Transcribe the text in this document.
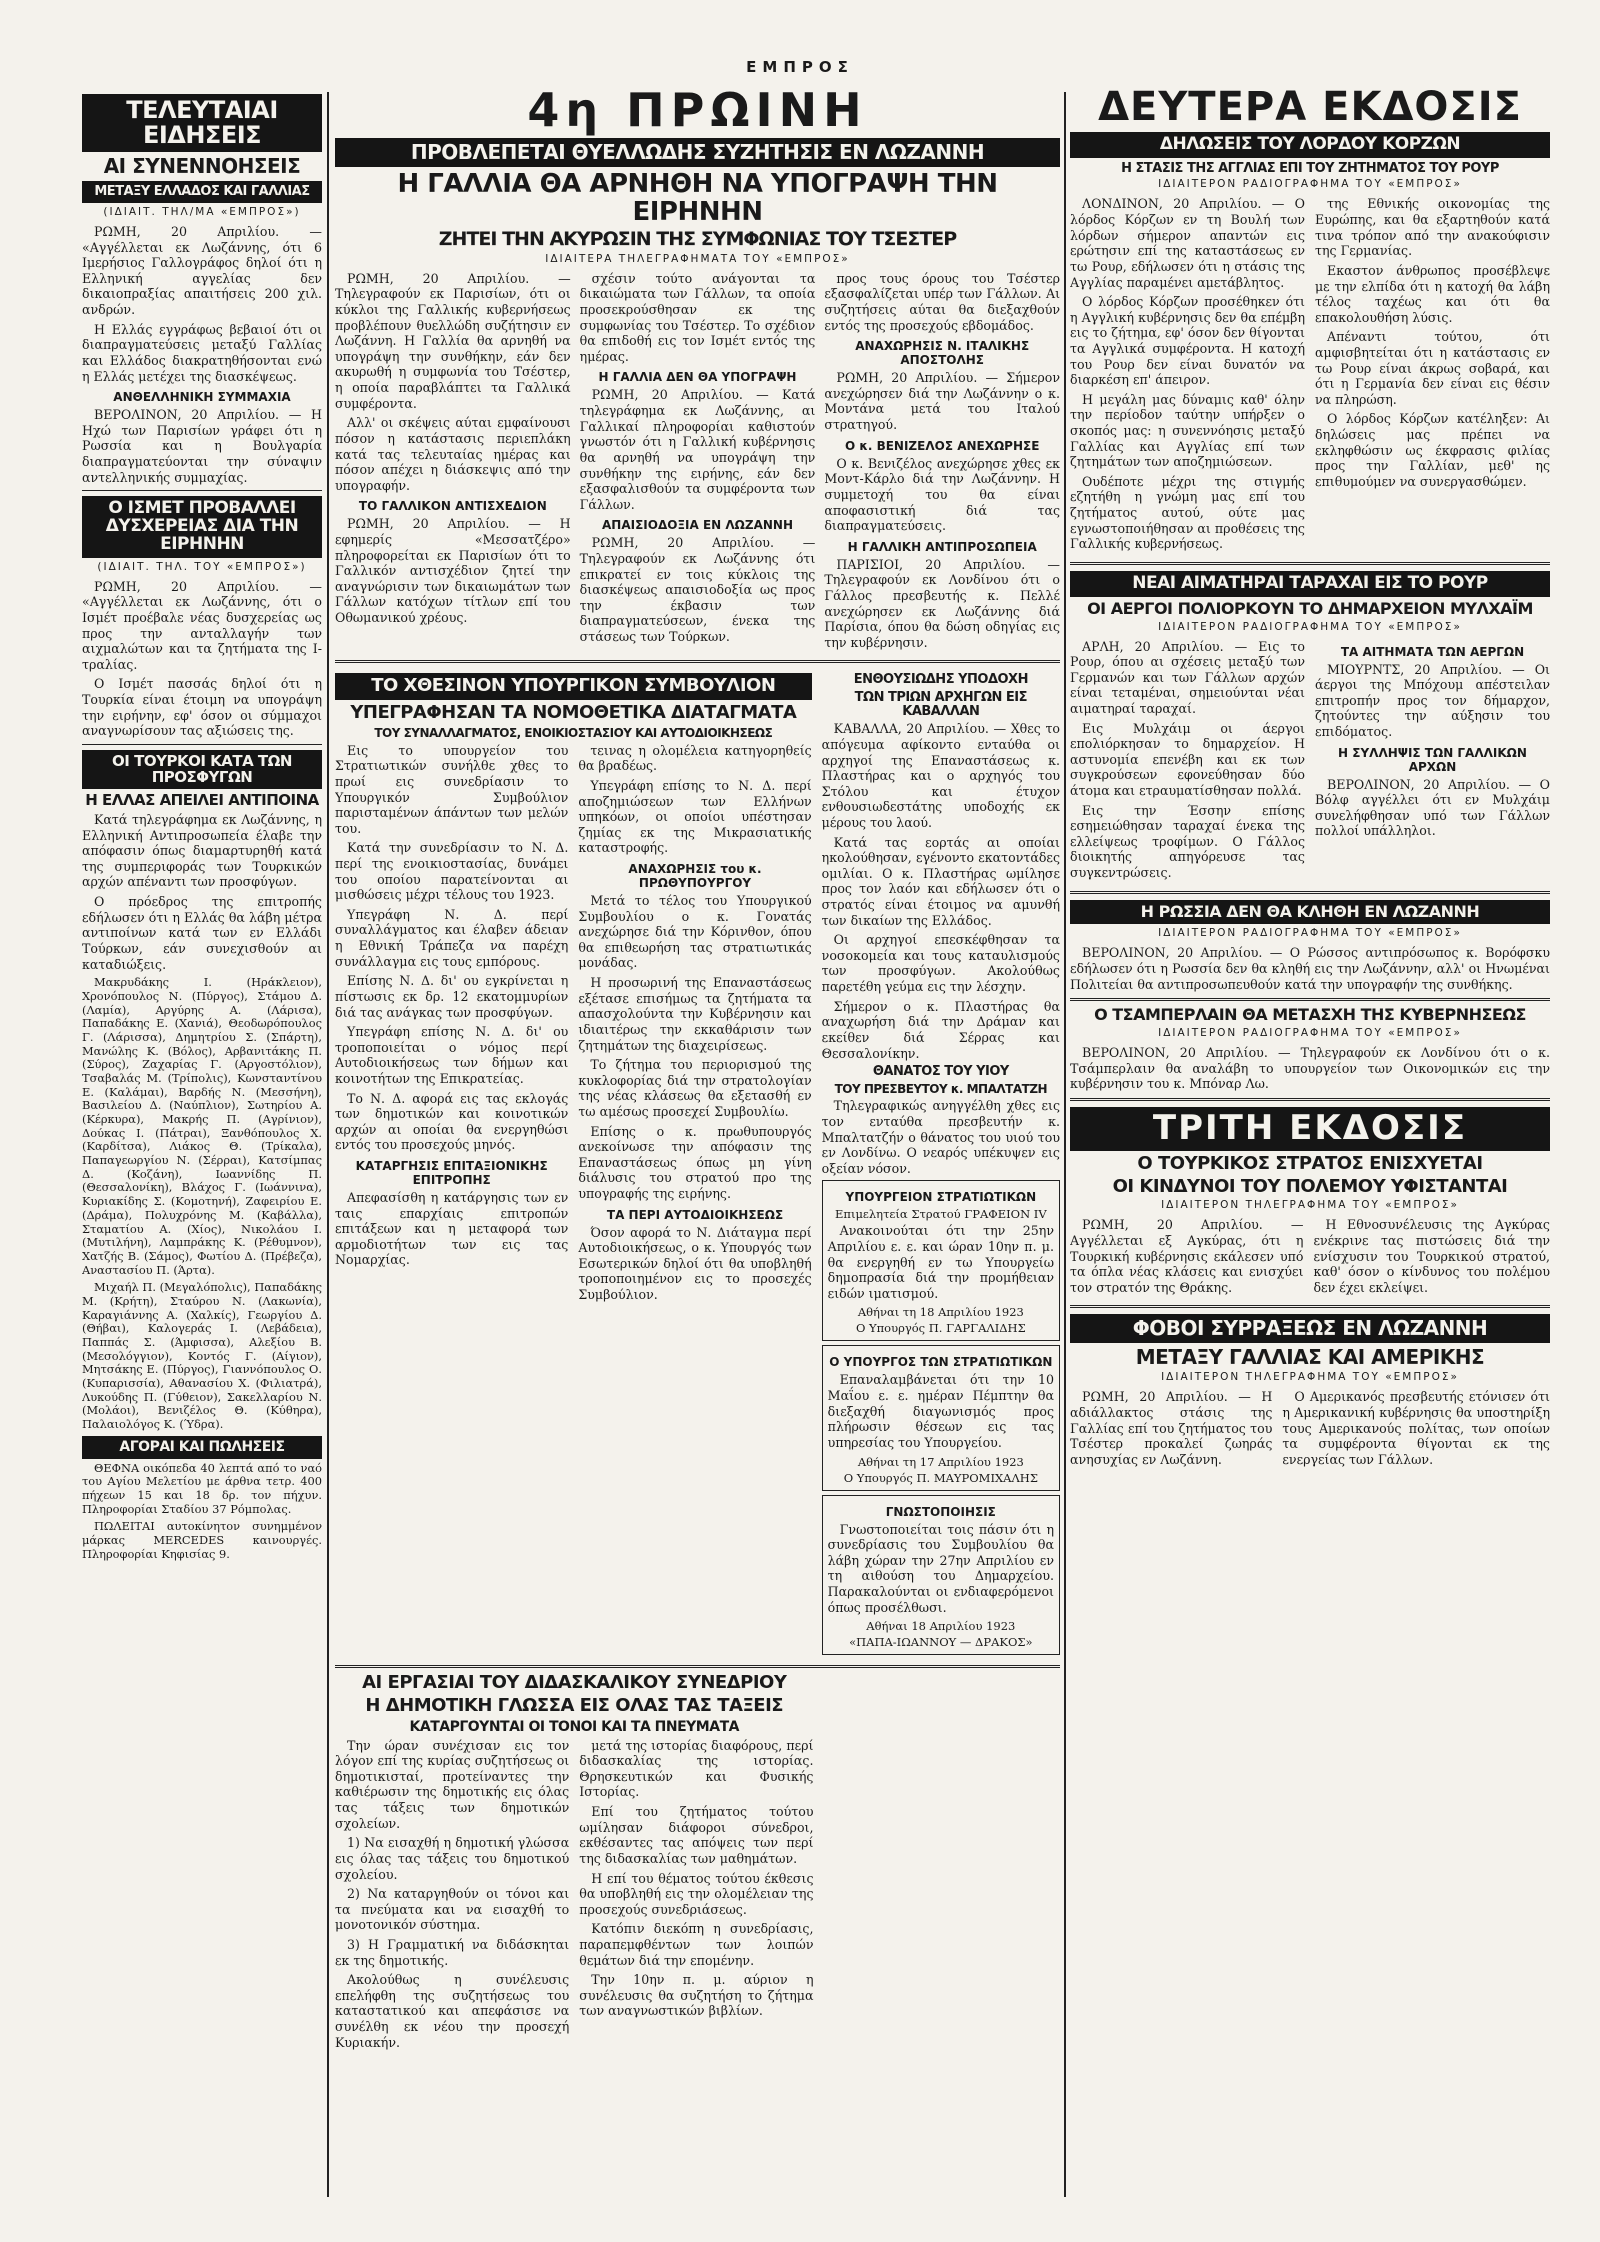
ΕΜΠΡΟΣ
ΤΕΛΕΥΤΑΙΑΙ ΕΙΔΗΣΕΙΣ
ΑΙ ΣΥΝΕΝΝΟΗΣΕΙΣ
ΜΕΤΑΞΥ ΕΛΛΑΔΟΣ ΚΑΙ ΓΑΛΛΙΑΣ
(ΙΔΙΑΙΤ. ΤΗΛ/ΜΑ «ΕΜΠΡΟΣ»)

ΡΩΜΗ, 20 Απριλίου. — «Αγγέλλεται εκ Λωζάννης, ότι 6 Ιμερήσιος Γαλλογράφος δηλοί ότι η Ελληνική αγγελίας δεν δικαιοπραξίας απαιτήσεις 200 χιλ. ανδρών.

Η Ελλάς εγγράφως βεβαιοί ότι οι διαπραγματεύσεις μεταξύ Γαλλίας και Ελλάδος διακρατηθήσονται ενώ η Ελλάς μετέχει της διασκέψεως.

ΑΝΘΕΛΛΗΝΙΚΗ ΣΥΜΜΑΧΙΑ

ΒΕΡΟΛΙΝΟΝ, 20 Απριλίου. — Η Ηχώ των Παρισίων γράφει ότι η Ρωσσία και η Βουλγαρία διαπραγματεύονται την σύναψιν αντελληνικής συμμαχίας.

Ο ΙΣΜΕΤ ΠΡΟΒΑΛΛΕΙ ΔΥΣΧΕΡΕΙΑΣ ΔΙΑ ΤΗΝ ΕΙΡΗΝΗΝ
(ΙΔΙΑΙΤ. ΤΗΛ. ΤΟΥ «ΕΜΠΡΟΣ»)

ΡΩΜΗ, 20 Απριλίου. — «Αγγέλλεται εκ Λωζάννης, ότι ο Ισμέτ προέβαλε νέας δυσχερείας ως προς την ανταλλαγήν των αιχμαλώτων και τα ζητήματα της Ι-τραλίας.

Ο Ισμέτ πασσάς δηλοί ότι η Τουρκία είναι έτοιμη να υπογράψη την ειρήνην, εφ' όσον οι σύμμαχοι αναγνωρίσουν τας αξιώσεις της.

ΟΙ ΤΟΥΡΚΟΙ ΚΑΤΑ ΤΩΝ ΠΡΟΣΦΥΓΩΝ
Η ΕΛΛΑΣ ΑΠΕΙΛΕΙ ΑΝΤΙΠΟΙΝΑ

Κατά τηλεγράφημα εκ Λωζάννης, η Ελληνική Αντιπροσωπεία έλαβε την απόφασιν όπως διαμαρτυρηθή κατά της συμπεριφοράς των Τουρκικών αρχών απέναντι των προσφύγων.

Ο πρόεδρος της επιτροπής εδήλωσεν ότι η Ελλάς θα λάβη μέτρα αντιποίνων κατά των εν Ελλάδι Τούρκων, εάν συνεχισθούν αι καταδιώξεις.

Μακρυδάκης Ι. (Ηράκλειον), Χρονόπουλος Ν. (Πύργος), Στάμου Δ. (Λαμία), Αργύρης Α. (Λάρισα), Παπαδάκης Ε. (Χανιά), Θεοδωρόπουλος Γ. (Λάρισσα), Δημητρίου Σ. (Σπάρτη), Μανώλης Κ. (Βόλος), Αρβανιτάκης Π. (Σύρος), Ζαχαρίας Γ. (Αργοστόλιον), Τσαβαλάς Μ. (Τρίπολις), Κωνσταντίνου Ε. (Καλάμαι), Βαρδής Ν. (Μεσσήνη), Βασιλείου Δ. (Ναύπλιον), Σωτηρίου Α. (Κέρκυρα), Μακρής Π. (Αγρίνιον), Δούκας Ι. (Πάτραι), Ξανθόπουλος Χ. (Καρδίτσα), Λιάκος Θ. (Τρίκαλα), Παπαγεωργίου Ν. (Σέρραι), Κατσίμπας Δ. (Κοζάνη), Ιωαννίδης Π. (Θεσσαλονίκη), Βλάχος Γ. (Ιωάννινα), Κυριακίδης Σ. (Κομοτηνή), Ζαφειρίου Ε. (Δράμα), Πολυχρόνης Μ. (Καβάλλα), Σταματίου Α. (Χίος), Νικολάου Ι. (Μυτιλήνη), Λαμπράκης Κ. (Ρέθυμνον), Χατζής Β. (Σάμος), Φωτίου Δ. (Πρέβεζα), Αναστασίου Π. (Άρτα).

Μιχαήλ Π. (Μεγαλόπολις), Παπαδάκης Μ. (Κρήτη), Σταύρου Ν. (Λακωνία), Καραγιάννης Α. (Χαλκίς), Γεωργίου Δ. (Θήβαι), Καλογεράς Ι. (Λεβάδεια), Παππάς Σ. (Άμφισσα), Αλεξίου Β. (Μεσολόγγιον), Κοντός Γ. (Αίγιον), Μητσάκης Ε. (Πύργος), Γιαννόπουλος Ο. (Κυπαρισσία), Αθανασίου Χ. (Φιλιατρά), Λυκούδης Π. (Γύθειον), Σακελλαρίου Ν. (Μολάοι), Βενιζέλος Θ. (Κύθηρα), Παλαιολόγος Κ. (Ύδρα).

ΑΓΟΡΑΙ ΚΑΙ ΠΩΛΗΣΕΙΣ

ΘΕΦΝΑ οικόπεδα 40 λεπτά από το ναό του Αγίου Μελετίου με άρθνα τετρ. 400 πήχεων 15 και 18 δρ. τον πήχυν. Πληροφορίαι Σταδίου 37 Ρόμπολας.

ΠΩΛΕΙΤΑΙ αυτοκίνητον συνημμένον μάρκας MERCEDES καινουργές. Πληροφορίαι Κηφισίας 9.

4η ΠΡΩΙΝΗ
ΠΡΟΒΛΕΠΕΤΑΙ ΘΥΕΛΛΩΔΗΣ ΣΥΖΗΤΗΣΙΣ ΕΝ ΛΩΖΑΝΝΗ
Η ΓΑΛΛΙΑ ΘΑ ΑΡΝΗΘΗ ΝΑ ΥΠΟΓΡΑΨΗ ΤΗΝ ΕΙΡΗΝΗΝ
ΖΗΤΕΙ ΤΗΝ ΑΚΥΡΩΣΙΝ ΤΗΣ ΣΥΜΦΩΝΙΑΣ ΤΟΥ ΤΣΕΣΤΕΡ
ΙΔΙΑΙΤΕΡΑ ΤΗΛΕΓΡΑΦΗΜΑΤΑ ΤΟΥ «ΕΜΠΡΟΣ»

ΡΩΜΗ, 20 Απριλίου. — Τηλεγραφούν εκ Παρισίων, ότι οι κύκλοι της Γαλλικής κυβερνήσεως προβλέπουν θυελλώδη συζήτησιν εν Λωζάννη. Η Γαλλία θα αρνηθή να υπογράψη την συνθήκην, εάν δεν ακυρωθή η συμφωνία του Τσέστερ, η οποία παραβλάπτει τα Γαλλικά συμφέροντα.

Αλλ' οι σκέψεις αύται εμφαίνουσι πόσον η κατάστασις περιεπλάκη κατά τας τελευταίας ημέρας και πόσον απέχει η διάσκεψις από την υπογραφήν.

ΤΟ ΓΑΛΛΙΚΟΝ ΑΝΤΙΣΧΕΔΙΟΝ

ΡΩΜΗ, 20 Απριλίου. — Η εφημερίς «Μεσσατζέρο» πληροφορείται εκ Παρισίων ότι το Γαλλικόν αντισχέδιον ζητεί την αναγνώρισιν των δικαιωμάτων των Γάλλων κατόχων τίτλων επί του Οθωμανικού χρέους.

σχέσιν τούτο ανάγονται τα δικαιώματα των Γάλλων, τα οποία προσεκρούσθησαν εκ της συμφωνίας του Τσέστερ. Το σχέδιον θα επιδοθή εις τον Ισμέτ εντός της ημέρας.

Η ΓΑΛΛΙΑ ΔΕΝ ΘΑ ΥΠΟΓΡΑΨΗ

ΡΩΜΗ, 20 Απριλίου. — Κατά τηλεγράφημα εκ Λωζάννης, αι Γαλλικαί πληροφορίαι καθιστούν γνωστόν ότι η Γαλλική κυβέρνησις θα αρνηθή να υπογράψη την συνθήκην της ειρήνης, εάν δεν εξασφαλισθούν τα συμφέροντα των Γάλλων.

ΑΠΑΙΣΙΟΔΟΞΙΑ ΕΝ ΛΩΖΑΝΝΗ

ΡΩΜΗ, 20 Απριλίου. — Τηλεγραφούν εκ Λωζάννης ότι επικρατεί εν τοις κύκλοις της διασκέψεως απαισιοδοξία ως προς την έκβασιν των διαπραγματεύσεων, ένεκα της στάσεως των Τούρκων.

προς τους όρους του Τσέστερ εξασφαλίζεται υπέρ των Γάλλων. Αι συζητήσεις αύται θα διεξαχθούν εντός της προσεχούς εβδομάδος.

ΑΝΑΧΩΡΗΣΙΣ Ν. ΙΤΑΛΙΚΗΣ ΑΠΟΣΤΟΛΗΣ

ΡΩΜΗ, 20 Απριλίου. — Σήμερον ανεχώρησεν διά την Λωζάννην ο κ. Μοντάνα μετά του Ιταλού στρατηγού.

Ο κ. ΒΕΝΙΖΕΛΟΣ ΑΝΕΧΩΡΗΣΕ

Ο κ. Βενιζέλος ανεχώρησε χθες εκ Μοντ-Κάρλο διά την Λωζάννην. Η συμμετοχή του θα είναι αποφασιστική διά τας διαπραγματεύσεις.

Η ΓΑΛΛΙΚΗ ΑΝΤΙΠΡΟΣΩΠΕΙΑ

ΠΑΡΙΣΙΟΙ, 20 Απριλίου. — Τηλεγραφούν εκ Λονδίνου ότι ο Γάλλος πρεσβευτής κ. Πελλέ ανεχώρησεν εκ Λωζάννης διά Παρίσια, όπου θα δώση οδηγίας εις την κυβέρνησιν.

ΤΟ ΧΘΕΣΙΝΟΝ ΥΠΟΥΡΓΙΚΟΝ ΣΥΜΒΟΥΛΙΟΝ
ΥΠΕΓΡΑΦΗΣΑΝ ΤΑ ΝΟΜΟΘΕΤΙΚΑ ΔΙΑΤΑΓΜΑΤΑ
ΤΟΥ ΣΥΝΑΛΛΑΓΜΑΤΟΣ, ΕΝΟΙΚΙΟΣΤΑΣΙΟΥ ΚΑΙ ΑΥΤΟΔΙΟΙΚΗΣΕΩΣ

Εις το υπουργείον του Στρατιωτικών συνήλθε χθες το πρωί εις συνεδρίασιν το Υπουργικόν Συμβούλιον παρισταμένων άπάντων των μελών του.

Κατά την συνεδρίασιν το Ν. Δ. περί της ενοικιοστασίας, δυνάμει του οποίου παρατείνονται αι μισθώσεις μέχρι τέλους του 1923.

Υπεγράφη Ν. Δ. περί συναλλάγματος και έλαβεν άδειαν η Εθνική Τράπεζα να παρέχη συνάλλαγμα εις τους εμπόρους.

Επίσης Ν. Δ. δι' ου εγκρίνεται η πίστωσις εκ δρ. 12 εκατομμυρίων διά τας ανάγκας των προσφύγων.

Υπεγράφη επίσης Ν. Δ. δι' ου τροποποιείται ο νόμος περί Αυτοδιοικήσεως των δήμων και κοινοτήτων της Επικρατείας.

Το Ν. Δ. αφορά εις τας εκλογάς των δημοτικών και κοινοτικών αρχών αι οποίαι θα ενεργηθώσι εντός του προσεχούς μηνός.

ΚΑΤΑΡΓΗΣΙΣ ΕΠΙΤΑΞΙΟΝΙΚΗΣ ΕΠΙΤΡΟΠΗΣ

Απεφασίσθη η κατάργησις των εν ταις επαρχίαις επιτροπών επιτάξεων και η μεταφορά των αρμοδιοτήτων των εις τας Νομαρχίας.

τεινας η ολομέλεια κατηγορηθείς θα βραδέως.

Υπεγράφη επίσης το Ν. Δ. περί αποζημιώσεων των Ελλήνων υπηκόων, οι οποίοι υπέστησαν ζημίας εκ της Μικρασιατικής καταστροφής.

ΑΝΑΧΩΡΗΣΙΣ του κ. ΠΡΩΘΥΠΟΥΡΓΟΥ

Μετά το τέλος του Υπουργικού Συμβουλίου ο κ. Γονατάς ανεχώρησε διά την Κόρινθον, όπου θα επιθεωρήση τας στρατιωτικάς μονάδας.

Η προσωρινή της Επαναστάσεως εξέτασε επισήμως τα ζητήματα τα απασχολούντα την Κυβέρνησιν και ιδιαιτέρως την εκκαθάρισιν των ζητημάτων της διαχειρίσεως.

Το ζήτημα του περιορισμού της κυκλοφορίας διά την στρατολογίαν της νέας κλάσεως θα εξετασθή εν τω αμέσως προσεχεί Συμβουλίω.

Επίσης ο κ. πρωθυπουργός ανεκοίνωσε την απόφασιν της Επαναστάσεως όπως μη γίνη διάλυσις του στρατού προ της υπογραφής της ειρήνης.

ΤΑ ΠΕΡΙ ΑΥΤΟΔΙΟΙΚΗΣΕΩΣ

Όσον αφορά το Ν. Διάταγμα περί Αυτοδιοικήσεως, ο κ. Υπουργός των Εσωτερικών δηλοί ότι θα υποβληθή τροποποιημένον εις το προσεχές Συμβούλιον.

ΕΝΘΟΥΣΙΩΔΗΣ ΥΠΟΔΟΧΗ
ΤΩΝ ΤΡΙΩΝ ΑΡΧΗΓΩΝ ΕΙΣ ΚΑΒΑΛΛΑΝ

ΚΑΒΑΛΛΑ, 20 Απριλίου. — Χθες το απόγευμα αφίκοντο ενταύθα οι αρχηγοί της Επαναστάσεως κ. Πλαστήρας και ο αρχηγός του Στόλου και έτυχον ενθουσιωδεστάτης υποδοχής εκ μέρους του λαού.

Κατά τας εορτάς αι οποίαι ηκολούθησαν, εγένοντο εκατοντάδες ομιλίαι. Ο κ. Πλαστήρας ωμίλησε προς τον λαόν και εδήλωσεν ότι ο στρατός είναι έτοιμος να αμυνθή των δικαίων της Ελλάδος.

Οι αρχηγοί επεσκέφθησαν τα νοσοκομεία και τους καταυλισμούς των προσφύγων. Ακολούθως παρετέθη γεύμα εις την λέσχην.

Σήμερον ο κ. Πλαστήρας θα αναχωρήση διά την Δράμαν και εκείθεν διά Σέρρας και Θεσσαλονίκην.

ΘΑΝΑΤΟΣ ΤΟΥ ΥΙΟΥ
ΤΟΥ ΠΡΕΣΒΕΥΤΟΥ κ. ΜΠΑΛΤΑΤΖΗ

Τηλεγραφικώς ανηγγέλθη χθες εις τον ενταύθα πρεσβευτήν κ. Μπαλτατζήν ο θάνατος του υιού του εν Λονδίνω. Ο νεαρός υπέκυψεν εις οξείαν νόσον.

ΥΠΟΥΡΓΕΙΟΝ ΣΤΡΑΤΙΩΤΙΚΩΝ
Επιμελητεία Στρατού ΓΡΑΦΕΙΟΝ IV

Ανακοινούται ότι την 25ην Απριλίου ε. ε. και ώραν 10ην π. μ. θα ενεργηθή εν τω Υπουργείω δημοπρασία διά την προμήθειαν ειδών ιματισμού.

Αθήναι τη 18 Απριλίου 1923
Ο Υπουργός Π. ΓΑΡΓΑΛΙΔΗΣ
Ο ΥΠΟΥΡΓΟΣ ΤΩΝ ΣΤΡΑΤΙΩΤΙΚΩΝ

Επαναλαμβάνεται ότι την 10 Μαΐου ε. ε. ημέραν Πέμπτην θα διεξαχθή διαγωνισμός προς πλήρωσιν θέσεων εις τας υπηρεσίας του Υπουργείου.

Αθήναι τη 17 Απριλίου 1923
Ο Υπουργός Π. ΜΑΥΡΟΜΙΧΑΛΗΣ
ΓΝΩΣΤΟΠΟΙΗΣΙΣ

Γνωστοποιείται τοις πάσιν ότι η συνεδρίασις του Συμβουλίου θα λάβη χώραν την 27ην Απριλίου εν τη αιθούση του Δημαρχείου. Παρακαλούνται οι ενδιαφερόμενοι όπως προσέλθωσι.

Αθήναι 18 Απριλίου 1923
«ΠΑΠΑ-ΙΩΑΝΝΟΥ — ΔΡΑΚΟΣ»
ΑΙ ΕΡΓΑΣΙΑΙ ΤΟΥ ΔΙΔΑΣΚΑΛΙΚΟΥ ΣΥΝΕΔΡΙΟΥ
Η ΔΗΜΟΤΙΚΗ ΓΛΩΣΣΑ ΕΙΣ ΟΛΑΣ ΤΑΣ ΤΑΞΕΙΣ
ΚΑΤΑΡΓΟΥΝΤΑΙ ΟΙ ΤΟΝΟΙ ΚΑΙ ΤΑ ΠΝΕΥΜΑΤΑ

Την ώραν συνέχισαν εις τον λόγον επί της κυρίας συζητήσεως οι δημοτικισταί, προτείναντες την καθιέρωσιν της δημοτικής εις όλας τας τάξεις των δημοτικών σχολείων.

1) Να εισαχθή η δημοτική γλώσσα εις όλας τας τάξεις του δημοτικού σχολείου.

2) Να καταργηθούν οι τόνοι και τα πνεύματα και να εισαχθή το μονοτονικόν σύστημα.

3) Η Γραμματική να διδάσκηται εκ της δημοτικής.

Ακολούθως η συνέλευσις επελήφθη της συζητήσεως του καταστατικού και απεφάσισε να συνέλθη εκ νέου την προσεχή Κυριακήν.

μετά της ιστορίας διαφόρους, περί διδασκαλίας της ιστορίας. Θρησκευτικών και Φυσικής Ιστορίας.

Επί του ζητήματος τούτου ωμίλησαν διάφοροι σύνεδροι, εκθέσαντες τας απόψεις των περί της διδασκαλίας των μαθημάτων.

Η επί του θέματος τούτου έκθεσις θα υποβληθή εις την ολομέλειαν της προσεχούς συνεδριάσεως.

Κατόπιν διεκόπη η συνεδρίασις, παραπεμφθέντων των λοιπών θεμάτων διά την επομένην.

Την 10ην π. μ. αύριον η συνέλευσις θα συζητήση το ζήτημα των αναγνωστικών βιβλίων.

ΔΕΥΤΕΡΑ ΕΚΔΟΣΙΣ
ΔΗΛΩΣΕΙΣ ΤΟΥ ΛΟΡΔΟΥ ΚΟΡΖΩΝ
Η ΣΤΑΣΙΣ ΤΗΣ ΑΓΓΛΙΑΣ ΕΠΙ ΤΟΥ ΖΗΤΗΜΑΤΟΣ ΤΟΥ ΡΟΥΡ
ΙΔΙΑΙΤΕΡΟΝ ΡΑΔΙΟΓΡΑΦΗΜΑ ΤΟΥ «ΕΜΠΡΟΣ»

ΛΟΝΔΙΝΟΝ, 20 Απριλίου. — Ο λόρδος Κόρζων εν τη Βουλή των λόρδων σήμερον απαντών εις ερώτησιν επί της καταστάσεως εν τω Ρουρ, εδήλωσεν ότι η στάσις της Αγγλίας παραμένει αμετάβλητος.

Ο λόρδος Κόρζων προσέθηκεν ότι η Αγγλική κυβέρνησις δεν θα επέμβη εις το ζήτημα, εφ' όσον δεν θίγονται τα Αγγλικά συμφέροντα. Η κατοχή του Ρουρ δεν είναι δυνατόν να διαρκέση επ' άπειρον.

Η μεγάλη μας δύναμις καθ' όλην την περίοδον ταύτην υπήρξεν ο σκοπός μας: η συνεννόησις μεταξύ Γαλλίας και Αγγλίας επί των ζητημάτων των αποζημιώσεων.

Ουδέποτε μέχρι της στιγμής εζητήθη η γνώμη μας επί του ζητήματος αυτού, ούτε μας εγνωστοποιήθησαν αι προθέσεις της Γαλλικής κυβερνήσεως.

της Εθνικής οικονομίας της Ευρώπης, και θα εξαρτηθούν κατά τινα τρόπον από την ανακούφισιν της Γερμανίας.

Εκαστον άνθρωπος προσέβλεψε με την ελπίδα ότι η κατοχή θα λάβη τέλος ταχέως και ότι θα επακολουθήση λύσις.

Απέναντι τούτου, ότι αμφισβητείται ότι η κατάστασις εν τω Ρουρ είναι άκρως σοβαρά, και ότι η Γερμανία δεν είναι εις θέσιν να πληρώση.

Ο λόρδος Κόρζων κατέληξεν: Αι δηλώσεις μας πρέπει να εκληφθώσιν ως έκφρασις φιλίας προς την Γαλλίαν, μεθ' ης επιθυμούμεν να συνεργασθώμεν.

ΝΕΑΙ ΑΙΜΑΤΗΡΑΙ ΤΑΡΑΧΑΙ ΕΙΣ ΤΟ ΡΟΥΡ
ΟΙ ΑΕΡΓΟΙ ΠΟΛΙΟΡΚΟΥΝ ΤΟ ΔΗΜΑΡΧΕΙΟΝ ΜΥΛΧΑΪΜ
ΙΔΙΑΙΤΕΡΟΝ ΡΑΔΙΟΓΡΑΦΗΜΑ ΤΟΥ «ΕΜΠΡΟΣ»

ΑΡΛΗ, 20 Απριλίου. — Εις το Ρουρ, όπου αι σχέσεις μεταξύ των Γερμανών και των Γάλλων αρχών είναι τεταμέναι, σημειούνται νέαι αιματηραί ταραχαί.

Εις Μυλχάιμ οι άεργοι επολιόρκησαν το δημαρχείον. Η αστυνομία επενέβη και εκ των συγκρούσεων εφονεύθησαν δύο άτομα και ετραυματίσθησαν πολλά.

Εις την Έσσην επίσης εσημειώθησαν ταραχαί ένεκα της ελλείψεως τροφίμων. Ο Γάλλος διοικητής απηγόρευσε τας συγκεντρώσεις.

ΤΑ ΑΙΤΗΜΑΤΑ ΤΩΝ ΑΕΡΓΩΝ

ΜΙΟΥΡΝΤΣ, 20 Απριλίου. — Οι άεργοι της Μπόχουμ απέστειλαν επιτροπήν προς τον δήμαρχον, ζητούντες την αύξησιν του επιδόματος.

Η ΣΥΛΛΗΨΙΣ ΤΩΝ ΓΑΛΛΙΚΩΝ ΑΡΧΩΝ

ΒΕΡΟΛΙΝΟΝ, 20 Απριλίου. — Ο Βόλφ αγγέλλει ότι εν Μυλχάιμ συνελήφθησαν υπό των Γάλλων πολλοί υπάλληλοι.

Η ΡΩΣΣΙΑ ΔΕΝ ΘΑ ΚΛΗΘΗ ΕΝ ΛΩΖΑΝΝΗ
ΙΔΙΑΙΤΕΡΟΝ ΡΑΔΙΟΓΡΑΦΗΜΑ ΤΟΥ «ΕΜΠΡΟΣ»

ΒΕΡΟΛΙΝΟΝ, 20 Απριλίου. — Ο Ρώσσος αντιπρόσωπος κ. Βορόφσκυ εδήλωσεν ότι η Ρωσσία δεν θα κληθή εις την Λωζάννην, αλλ' οι Ηνωμέναι Πολιτείαι θα αντιπροσωπευθούν κατά την υπογραφήν της συνθήκης.

Ο ΤΣΑΜΠΕΡΛΑΙΝ ΘΑ ΜΕΤΑΣΧΗ ΤΗΣ ΚΥΒΕΡΝΗΣΕΩΣ
ΙΔΙΑΙΤΕΡΟΝ ΡΑΔΙΟΓΡΑΦΗΜΑ ΤΟΥ «ΕΜΠΡΟΣ»

ΒΕΡΟΛΙΝΟΝ, 20 Απριλίου. — Τηλεγραφούν εκ Λονδίνου ότι ο κ. Τσάμπερλαιν θα αναλάβη το υπουργείον των Οικονομικών εις την κυβέρνησιν του κ. Μπόναρ Λω.

ΤΡΙΤΗ ΕΚΔΟΣΙΣ
Ο ΤΟΥΡΚΙΚΟΣ ΣΤΡΑΤΟΣ ΕΝΙΣΧΥΕΤΑΙ
ΟΙ ΚΙΝΔΥΝΟΙ ΤΟΥ ΠΟΛΕΜΟΥ ΥΦΙΣΤΑΝΤΑΙ
ΙΔΙΑΙΤΕΡΟΝ ΤΗΛΕΓΡΑΦΗΜΑ ΤΟΥ «ΕΜΠΡΟΣ»

ΡΩΜΗ, 20 Απριλίου. — Αγγέλλεται εξ Αγκύρας, ότι η Τουρκική κυβέρνησις εκάλεσεν υπό τα όπλα νέας κλάσεις και ενισχύει τον στρατόν της Θράκης.

Η Εθνοσυνέλευσις της Αγκύρας ενέκρινε τας πιστώσεις διά την ενίσχυσιν του Τουρκικού στρατού, καθ' όσον ο κίνδυνος του πολέμου δεν έχει εκλείψει.

ΦΟΒΟΙ ΣΥΡΡΑΞΕΩΣ ΕΝ ΛΩΖΑΝΝΗ
ΜΕΤΑΞΥ ΓΑΛΛΙΑΣ ΚΑΙ ΑΜΕΡΙΚΗΣ
ΙΔΙΑΙΤΕΡΟΝ ΤΗΛΕΓΡΑΦΗΜΑ ΤΟΥ «ΕΜΠΡΟΣ»

ΡΩΜΗ, 20 Απριλίου. — Η αδιάλλακτος στάσις της Γαλλίας επί του ζητήματος του Τσέστερ προκαλεί ζωηράς ανησυχίας εν Λωζάννη.

Ο Αμερικανός πρεσβευτής ετόνισεν ότι η Αμερικανική κυβέρνησις θα υποστηρίξη τους Αμερικανούς πολίτας, των οποίων τα συμφέροντα θίγονται εκ της ενεργείας των Γάλλων.
